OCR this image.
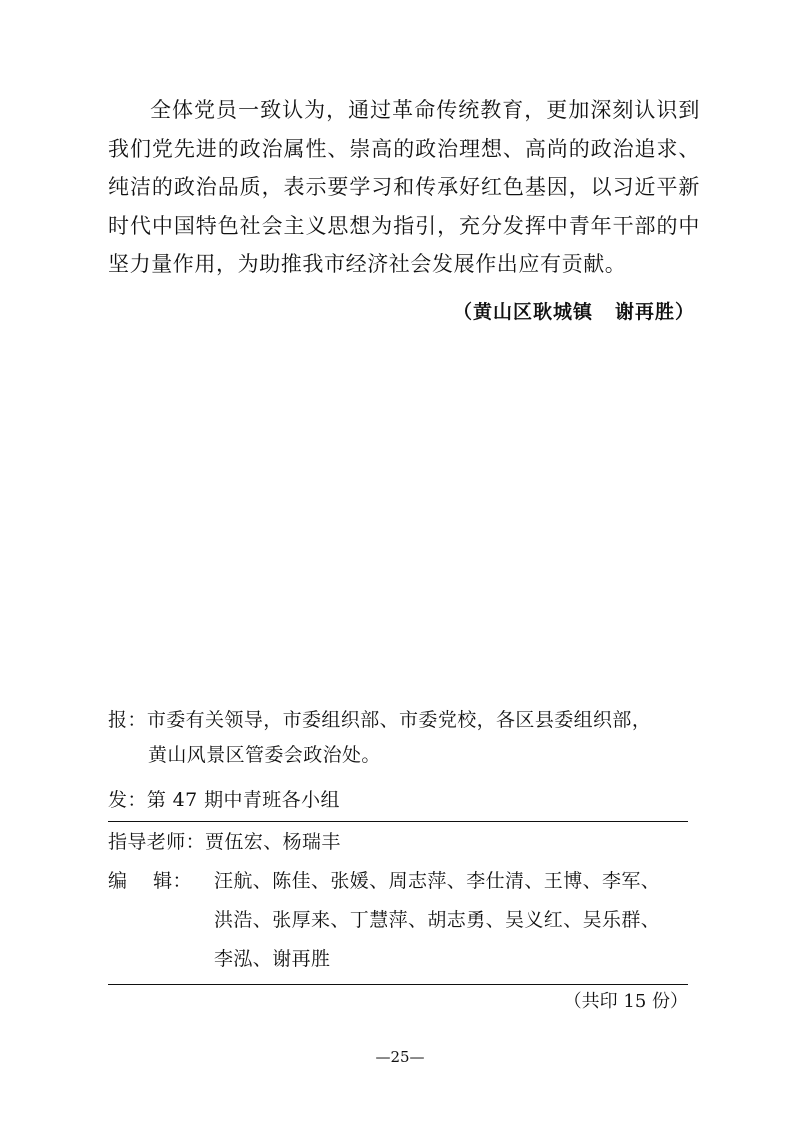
全体党员一致认为，通过革命传统教育，更加深刻认识到我们党先进的政治属性、崇高的政治理想、高尚的政治追求、纯洁的政治品质，表示要学习和传承好红色基因，以习近平新时代中国特色社会主义思想为指引，充分发挥中青年干部的中坚力量作用，为助推我市经济社会发展作出应有贡献。

（黄山区耿城镇 谢再胜）
报：市委有关领导，市委组织部、市委党校，各区县委组织部，
黄山风景区管委会政治处。
发：第 47 期中青班各小组
指导老师：贾伍宏、杨瑞丰
编    辑： 汪航、陈佳、张媛、周志萍、李仕清、王博、李军、
洪浩、张厚来、丁慧萍、胡志勇、吴义红、吴乐群、
李泓、谢再胜
（共印 15 份）
—25—
